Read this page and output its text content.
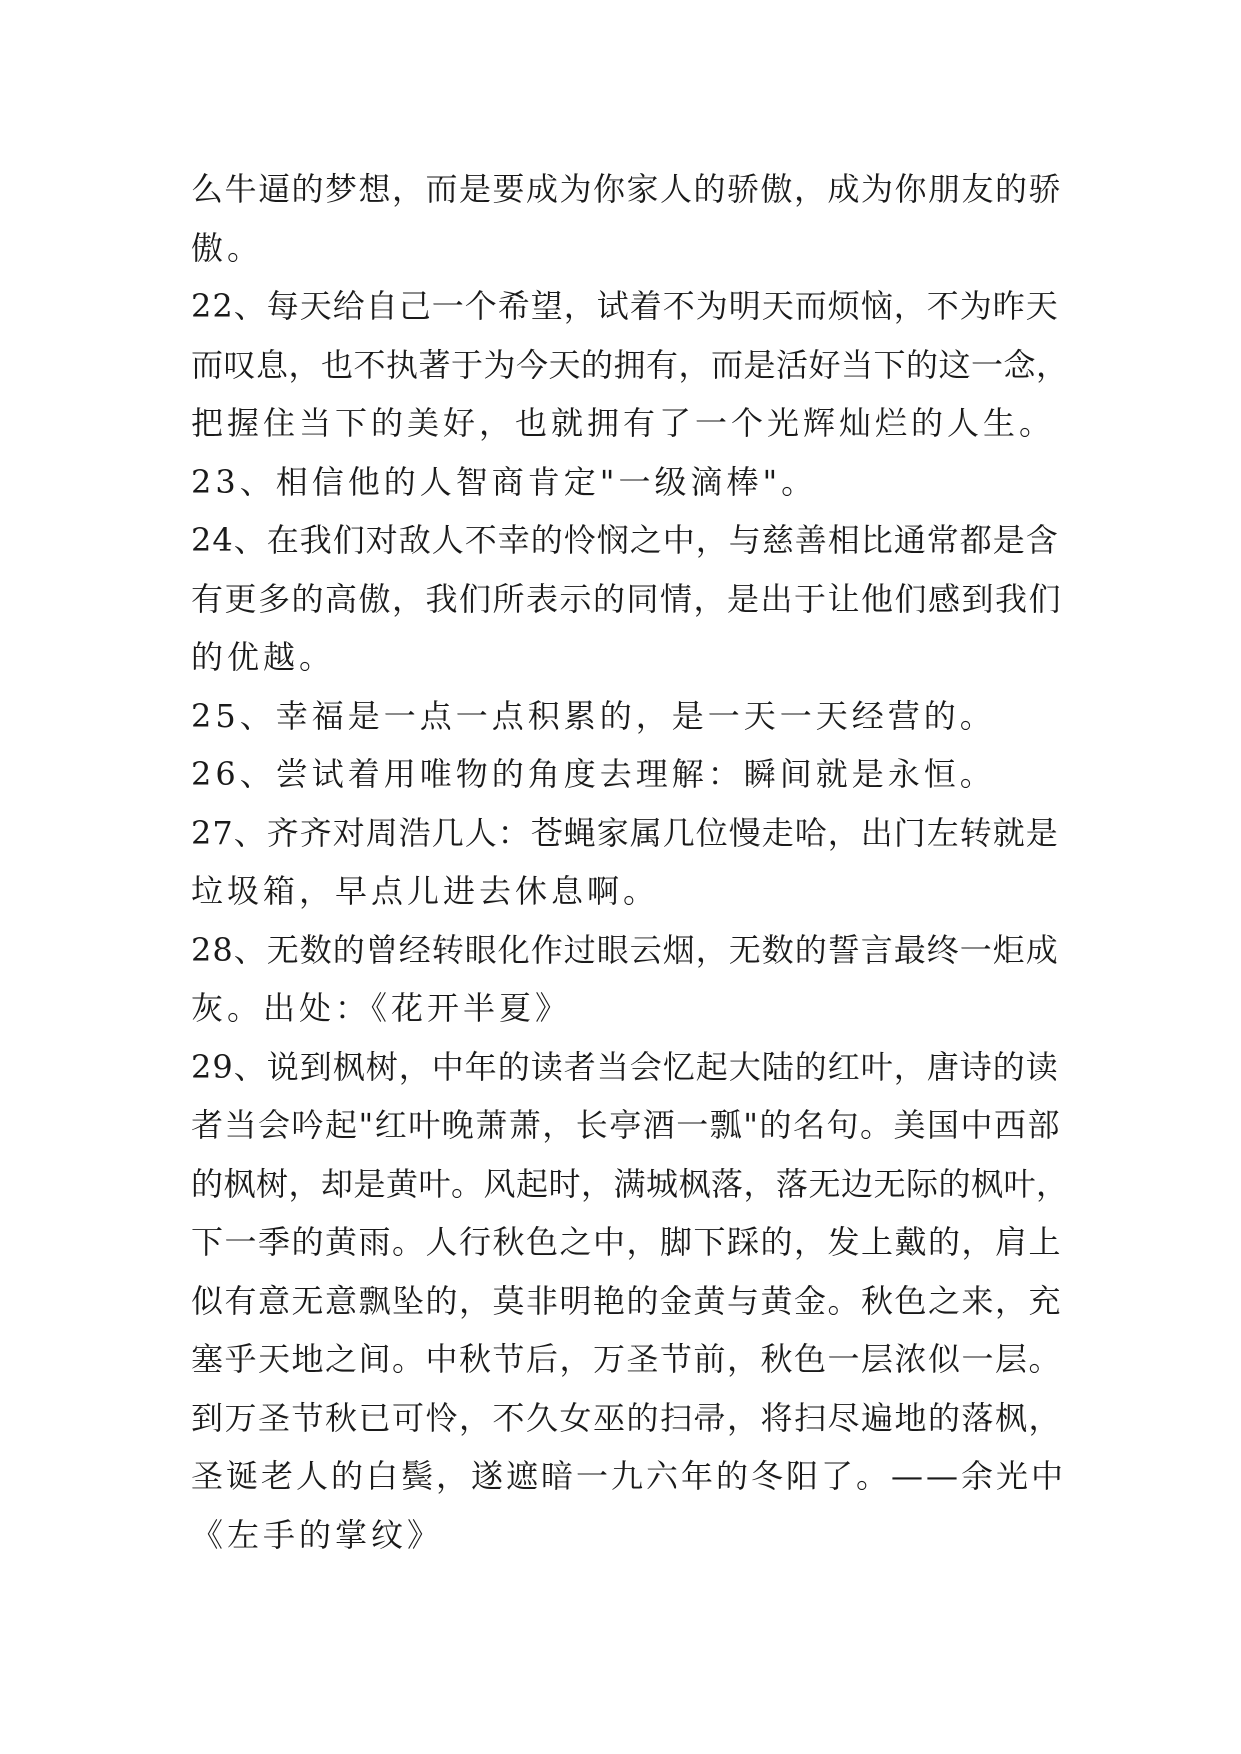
么牛逼的梦想，而是要成为你家人的骄傲，成为你朋友的骄
傲。
22、每天给自己一个希望，试着不为明天而烦恼，不为昨天
而叹息，也不执著于为今天的拥有，而是活好当下的这一念，
把握住当下的美好，也就拥有了一个光辉灿烂的人生。
23、相信他的人智商肯定"一级滴棒"。
24、在我们对敌人不幸的怜悯之中，与慈善相比通常都是含
有更多的高傲，我们所表示的同情，是出于让他们感到我们
的优越。
25、幸福是一点一点积累的，是一天一天经营的。
26、尝试着用唯物的角度去理解：瞬间就是永恒。
27、齐齐对周浩几人：苍蝇家属几位慢走哈，出门左转就是
垃圾箱，早点儿进去休息啊。
28、无数的曾经转眼化作过眼云烟，无数的誓言最终一炬成
灰。出处：《花开半夏》
29、说到枫树，中年的读者当会忆起大陆的红叶，唐诗的读
者当会吟起"红叶晚萧萧，长亭酒一瓢"的名句。美国中西部
的枫树，却是黄叶。风起时，满城枫落，落无边无际的枫叶，
下一季的黄雨。人行秋色之中，脚下踩的，发上戴的，肩上
似有意无意飘坠的，莫非明艳的金黄与黄金。秋色之来，充
塞乎天地之间。中秋节后，万圣节前，秋色一层浓似一层。
到万圣节秋已可怜，不久女巫的扫帚，将扫尽遍地的落枫，
圣诞老人的白鬓，遂遮暗一九六年的冬阳了。——余光中
《左手的掌纹》
